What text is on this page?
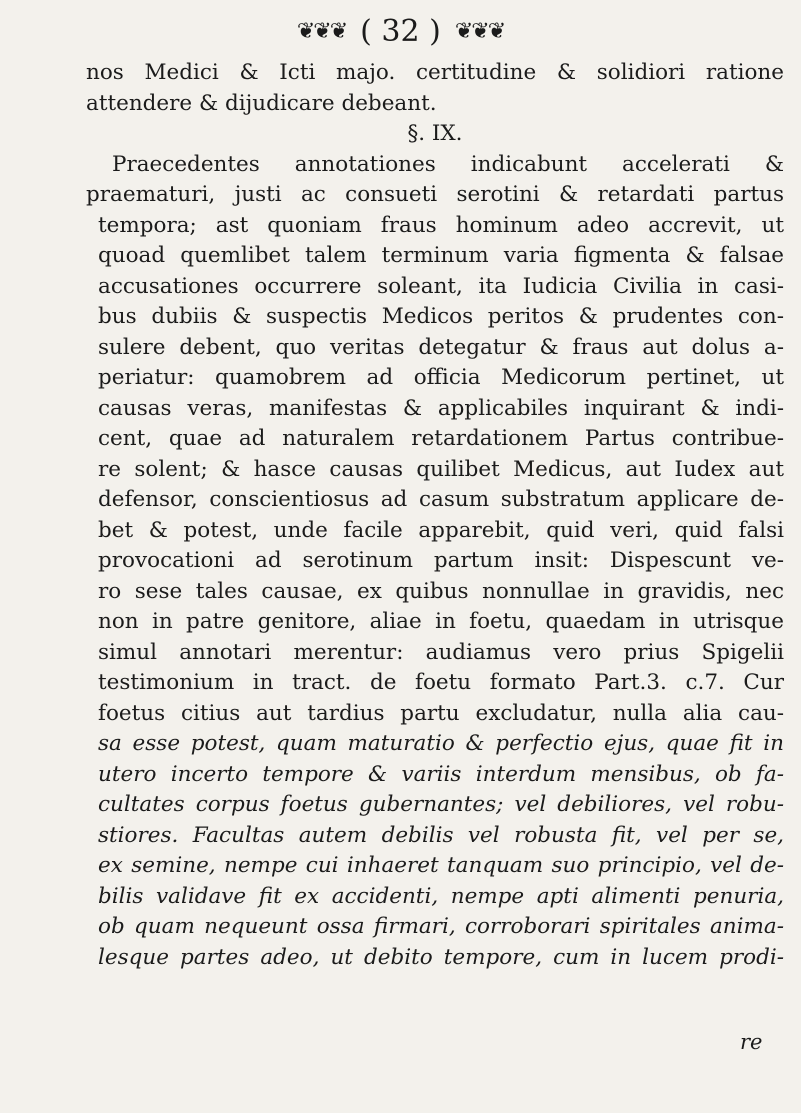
❦❦❦ ( 32 ) ❦❦❦
nos Medici & Icti majo. certitudine & solidiori ratione
attendere & dijudicare debeant.
§. IX.
Praecedentes annotationes indicabunt accelerati &
praematuri, justi ac consueti serotini & retardati partus
tempora; ast quoniam fraus hominum adeo accrevit, ut
quoad quemlibet talem terminum varia figmenta & falsae
accusationes occurrere soleant, ita Iudicia Civilia in casi-
bus dubiis & suspectis Medicos peritos & prudentes con-
sulere debent, quo veritas detegatur & fraus aut dolus a-
periatur: quamobrem ad officia Medicorum pertinet, ut
causas veras, manifestas & applicabiles inquirant & indi-
cent, quae ad naturalem retardationem Partus contribue-
re solent; & hasce causas quilibet Medicus, aut Iudex aut
defensor, conscientiosus ad casum substratum applicare de-
bet & potest, unde facile apparebit, quid veri, quid falsi
provocationi ad serotinum partum insit: Dispescunt ve-
ro sese tales causae, ex quibus nonnullae in gravidis, nec
non in patre genitore, aliae in foetu, quaedam in utrisque
simul annotari merentur: audiamus vero prius Spigelii
testimonium in tract. de foetu formato Part.3. c.7. Cur
foetus citius aut tardius partu excludatur, nulla alia cau-
sa esse potest, quam maturatio & perfectio ejus, quae fit in
utero incerto tempore & variis interdum mensibus, ob fa-
cultates corpus foetus gubernantes; vel debiliores, vel robu-
stiores. Facultas autem debilis vel robusta fit, vel per se,
ex semine, nempe cui inhaeret tanquam suo principio, vel de-
bilis validave fit ex accidenti, nempe apti alimenti penuria,
ob quam nequeunt ossa firmari, corroborari spiritales anima-
lesque partes adeo, ut debito tempore, cum in lucem prodi-
re
